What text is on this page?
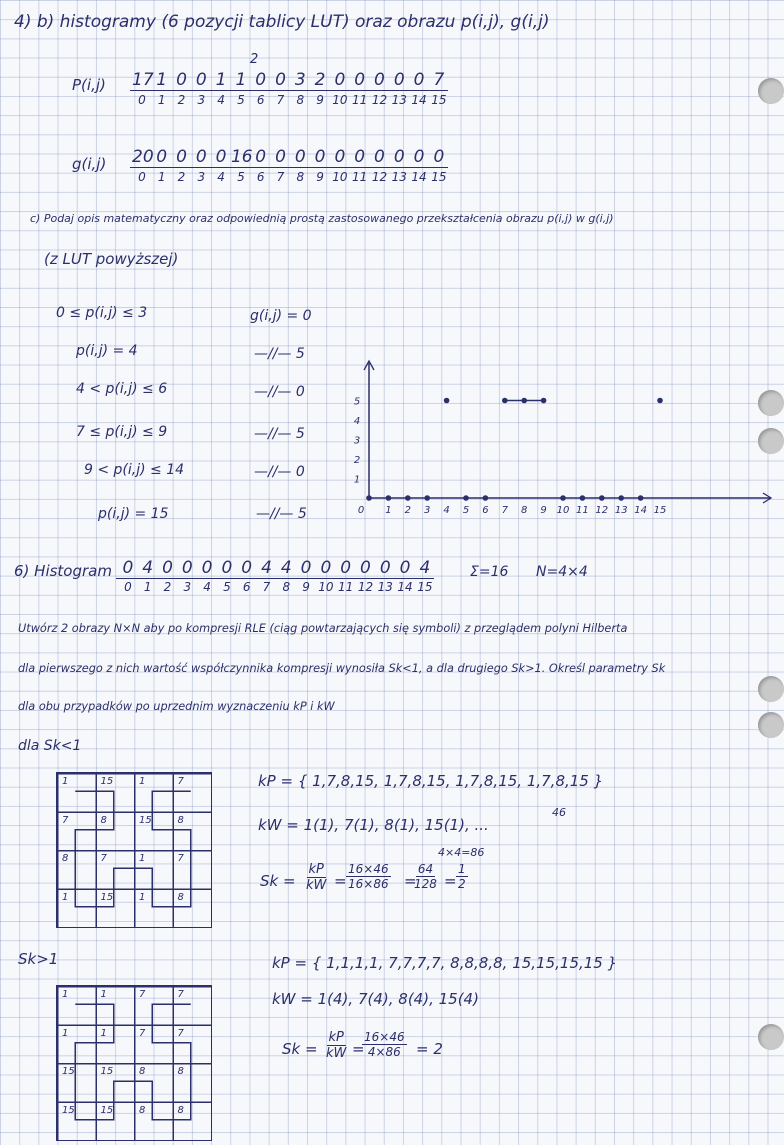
4) b) histogramy (6 pozycji tablicy LUT) oraz obrazu p(i,j), g(i,j)
P(i,j)
2
17 1 0 0 1 1 0 0 3 2 0 0 0 0 0 7
0	1	2	3	4	5	6	7	8	9 10 11 12 13 14 15
g(i,j) 20 0 0 0 0 16 0 0 0 0 0 0 0 0 0 0
0	1	2	3	4	5	6	7	8	9 10 11 12 13 14 15
c) Podaj opis matematyczny oraz odpowiednią prostą zastosowanego przekształcenia obrazu p(i,j) w g(i,j)
(z LUT powyższej)
0 ≤ p(i,j) ≤ 3	g(i,j) = 0
p(i,j) = 4	—//— 5
4 < p(i,j) ≤ 6	—//— 0
7 ≤ p(i,j) ≤ 9	—//— 5
9 < p(i,j) ≤ 14	—//— 0
p(i,j) = 15	—//— 5	0 1 2 3 4 5 6 7 8 9 10 11 12 13 14 15
1
2
3
4
5
6) Histogram 0 4 0 0 0 0 0 4 4 0 0 0 0 0 0 4
0	1	2	3	4	5	6	7	8	9 10 11 12 13 14 15
Σ=16 N=4×4
Utwórz 2 obrazy N×N aby po kompresji RLE (ciąg powtarzających się symboli) z przeglądem polyni Hilberta
dla pierwszego z nich wartość współczynnika kompresji wynosiła Sk<1, a dla drugiego Sk>1. Określ parametry Sk
dla obu przypadków po uprzednim wyznaczeniu kP i kW
dla Sk<1
1	15	1	7
7	8	15	8
8	7	1	7
1	15	1	8
kP = { 1,7,8,15, 1,7,8,15, 1,7,8,15, 1,7,8,15 }
46
kW = 1(1), 7(1), 8(1), 15(1), ...
4×4=86
$Sk = \frac{kP}{kW} = \frac{16\times 46}{16\times 86}$ =
$\frac{64}{128} = \frac{1}{2}$
Sk>1
1	1	7	7
1	1	7	7
15	15	8	8
15	15	8	8
kP = { 1,1,1,1, 7,7,7,7, 8,8,8,8, 15,15,15,15 }
kW = 1(4), 7(4), 8(4), 15(4)
$Sk = \frac{kP}{kW}$ =
$\frac{16\times 46}{4\times 86} = 2$
